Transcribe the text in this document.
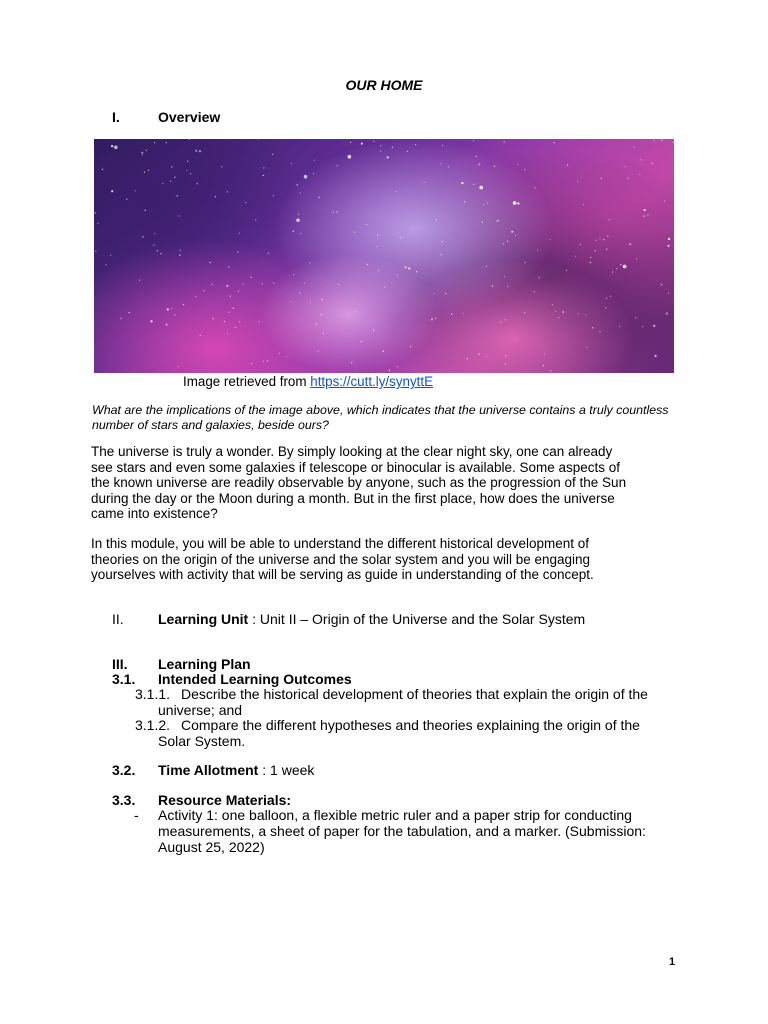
OUR HOME
I.	Overview
Image retrieved from https://cutt.ly/synyttE
What are the implications of the image above, which indicates that the universe contains a truly countless number of stars and galaxies, beside ours?
The universe is truly a wonder. By simply looking at the clear night sky, one can already
see stars and even some galaxies if telescope or binocular is available. Some aspects of
the known universe are readily observable by anyone, such as the progression of the Sun
during the day or the Moon during a month. But in the first place, how does the universe
came into existence?
In this module, you will be able to understand the different historical development of
theories on the origin of the universe and the solar system and you will be engaging
yourselves with activity that will be serving as guide in understanding of the concept.
II. Learning Unit : Unit II – Origin of the Universe and the Solar System
III. Learning Plan
3.1. Intended Learning Outcomes
3.1.1. Describe the historical development of theories that explain the origin of the
universe; and
3.1.2. Compare the different hypotheses and theories explaining the origin of the
Solar System.
3.2. Time Allotment : 1 week
3.3. Resource Materials:
- Activity 1: one balloon, a flexible metric ruler and a paper strip for conducting
measurements, a sheet of paper for the tabulation, and a marker. (Submission:
August 25, 2022)
1
